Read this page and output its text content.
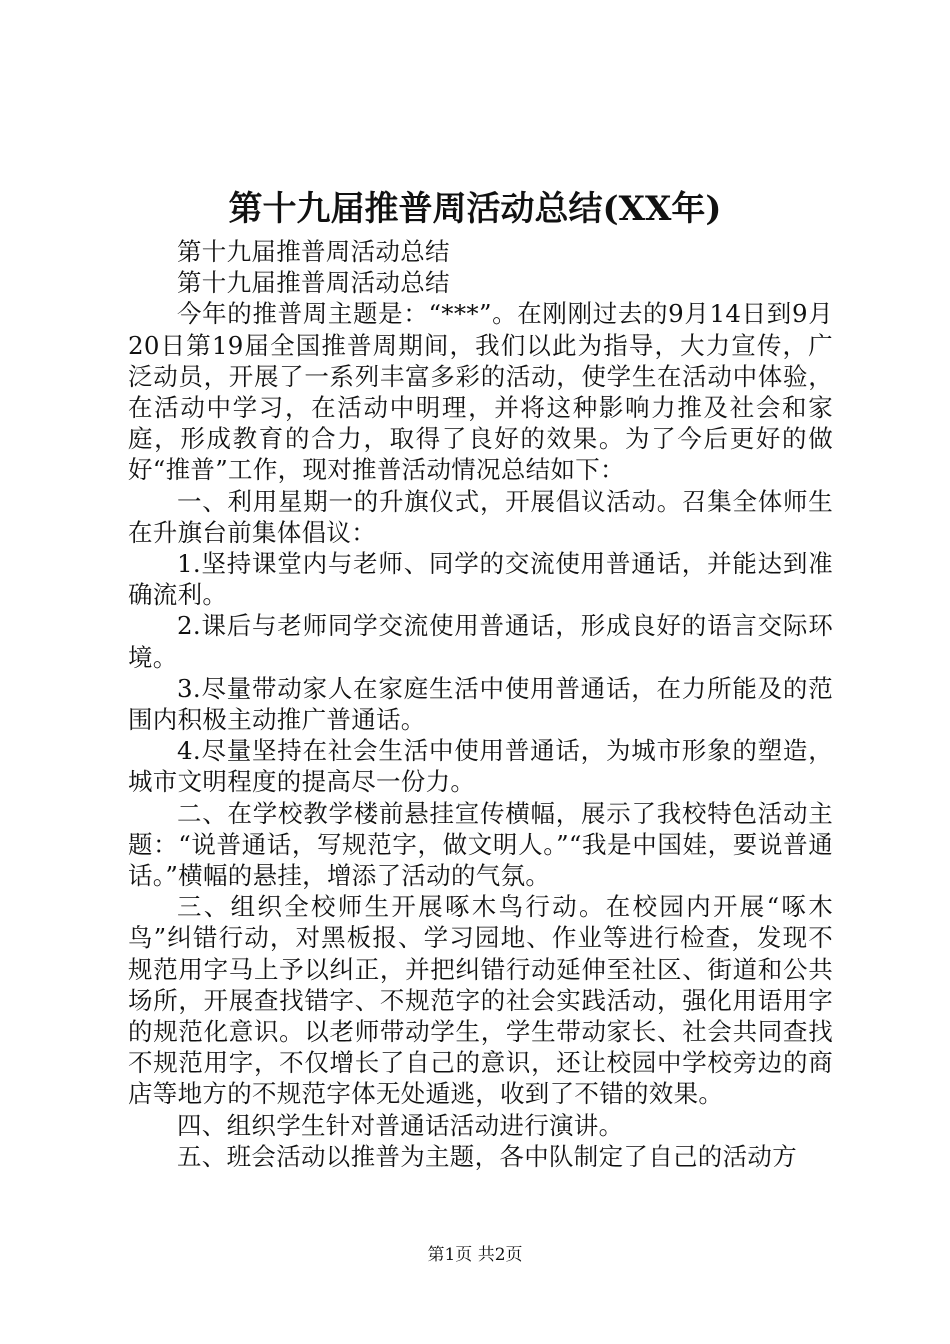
第十九届推普周活动总结(XX年)

第十九届推普周活动总结

第十九届推普周活动总结

今年的推普周主题是：“***”。在刚刚过去的9月14日到9月20日第19届全国推普周期间，我们以此为指导，大力宣传，广泛动员，开展了一系列丰富多彩的活动，使学生在活动中体验，在活动中学习，在活动中明理，并将这种影响力推及社会和家庭，形成教育的合力，取得了良好的效果。为了今后更好的做好“推普”工作，现对推普活动情况总结如下：

一、利用星期一的升旗仪式，开展倡议活动。召集全体师生在升旗台前集体倡议：

1.坚持课堂内与老师、同学的交流使用普通话，并能达到准确流利。

2.课后与老师同学交流使用普通话，形成良好的语言交际环境。

3.尽量带动家人在家庭生活中使用普通话，在力所能及的范围内积极主动推广普通话。

4.尽量坚持在社会生活中使用普通话，为城市形象的塑造，城市文明程度的提高尽一份力。

二、在学校教学楼前悬挂宣传横幅，展示了我校特色活动主题：“说普通话，写规范字，做文明人。”“我是中国娃，要说普通话。”横幅的悬挂，增添了活动的气氛。

三、组织全校师生开展啄木鸟行动。在校园内开展“啄木鸟”纠错行动，对黑板报、学习园地、作业等进行检查，发现不规范用字马上予以纠正，并把纠错行动延伸至社区、街道和公共场所，开展查找错字、不规范字的社会实践活动，强化用语用字的规范化意识。以老师带动学生，学生带动家长、社会共同查找不规范用字，不仅增长了自己的意识，还让校园中学校旁边的商店等地方的不规范字体无处遁逃，收到了不错的效果。

四、组织学生针对普通话活动进行演讲。

五、班会活动以推普为主题，各中队制定了自己的活动方

第1页 共2页
